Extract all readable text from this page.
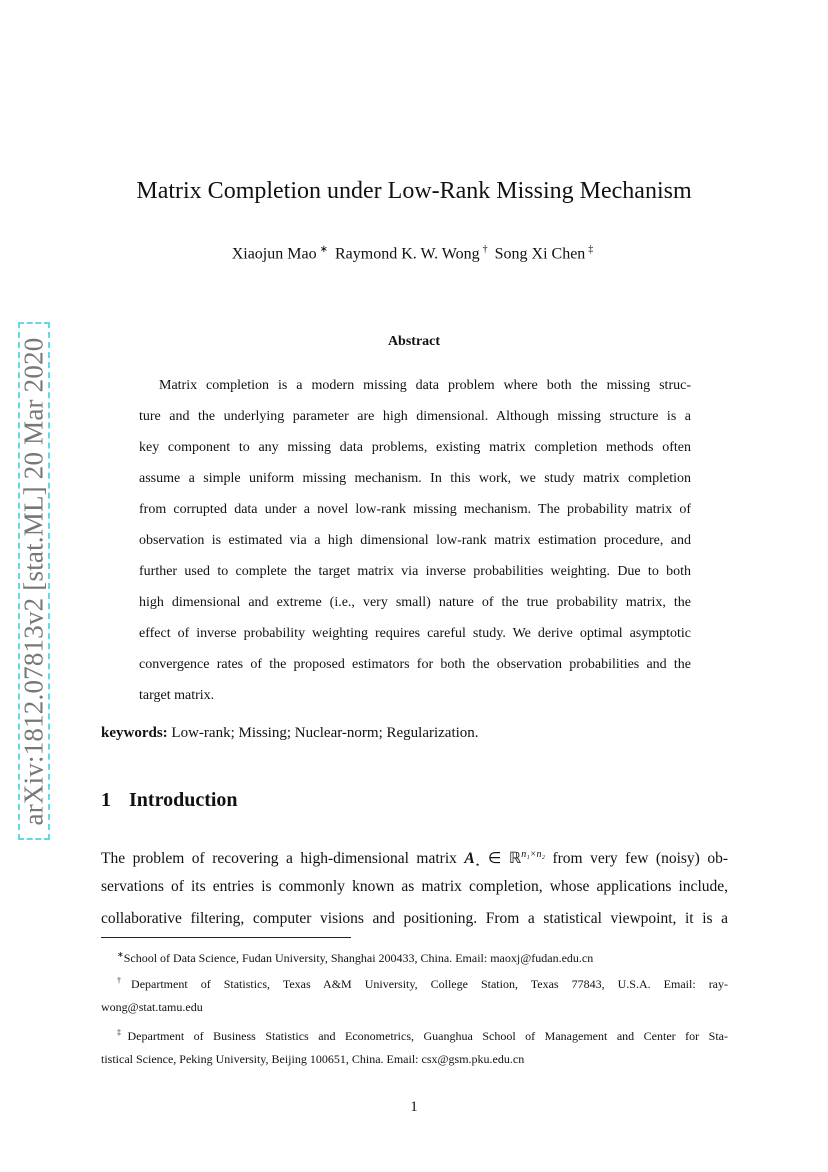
arXiv:1812.07813v2 [stat.ML] 20 Mar 2020
Matrix Completion under Low-Rank Missing Mechanism
Xiaojun Mao ∗ Raymond K. W. Wong † Song Xi Chen ‡
Abstract
Matrix completion is a modern missing data problem where both the missing struc-
ture and the underlying parameter are high dimensional. Although missing structure is a
key component to any missing data problems, existing matrix completion methods often
assume a simple uniform missing mechanism. In this work, we study matrix completion
from corrupted data under a novel low-rank missing mechanism. The probability matrix of
observation is estimated via a high dimensional low-rank matrix estimation procedure, and
further used to complete the target matrix via inverse probabilities weighting. Due to both
high dimensional and extreme (i.e., very small) nature of the true probability matrix, the
effect of inverse probability weighting requires careful study. We derive optimal asymptotic
convergence rates of the proposed estimators for both the observation probabilities and the
target matrix.
keywords: Low-rank; Missing; Nuclear-norm; Regularization.
1 Introduction
The problem of recovering a high-dimensional matrix $A_⋆$ ∈ ℝ$^{n_1\times n_2}$ from very few (noisy) ob-
servations of its entries is commonly known as matrix completion, whose applications include,
collaborative filtering, computer visions and positioning. From a statistical viewpoint, it is a
∗School of Data Science, Fudan University, Shanghai 200433, China. Email: maoxj@fudan.edu.cn
†Department of Statistics, Texas A&M University, College Station, Texas 77843, U.S.A. Email: ray-
wong@stat.tamu.edu
‡Department of Business Statistics and Econometrics, Guanghua School of Management and Center for Sta-
tistical Science, Peking University, Beijing 100651, China. Email: csx@gsm.pku.edu.cn
1
